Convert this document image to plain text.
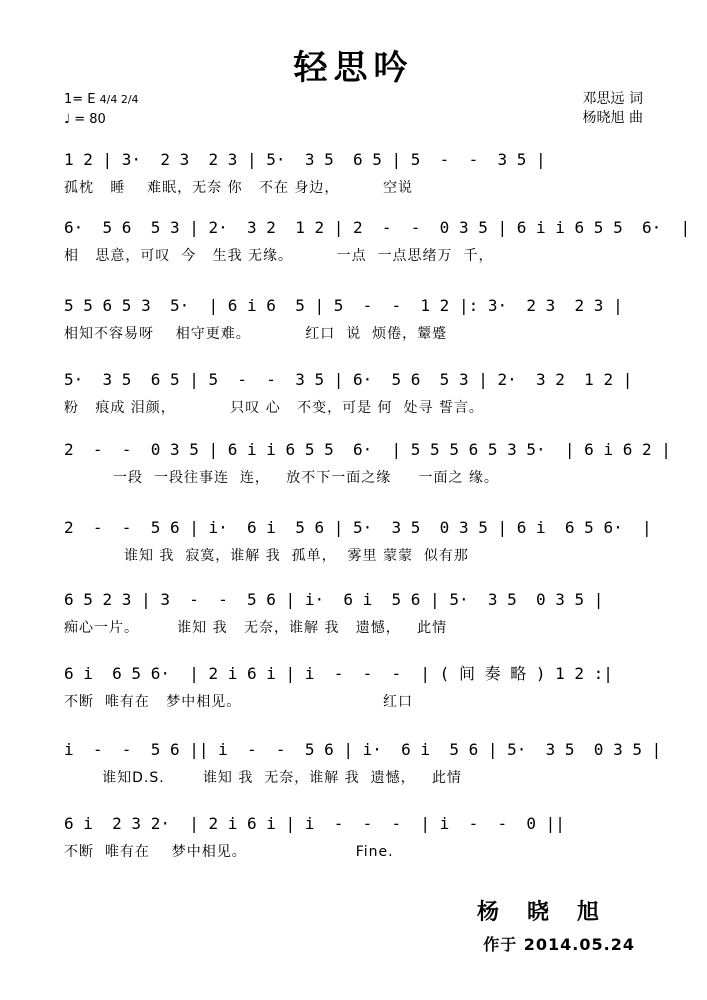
轻思吟
1= E 4/4 2/4
♩ = 80
邓思远 词
杨晓旭 曲
1 2 | 3·  2 3  2 3 | 5·  3 5  6 5 | 5  -  -  3 5 |
孤枕   睡    难眠，无奈 你   不在 身边，        空说
6·  5 6  5 3 | 2·  3 2  1 2 | 2  -  -  0 3 5 | 6 i i 6 5 5  6·  |
相   思意，可叹  今   生我 无缘。        一点  一点思绪万  千，
5 5 6 5 3  5·  | 6 i 6  5 | 5  -  -  1 2 |: 3·  2 3  2 3 |
相知不容易呀    相守更难。          红口  说  烦倦，颦蹙
5·  3 5  6 5 | 5  -  -  3 5 | 6·  5 6  5 3 | 2·  3 2  1 2 |
粉   痕成 泪颜，          只叹 心   不变，可是 何  处寻 誓言。
2  -  -  0 3 5 | 6 i i 6 5 5  6·  | 5 5 5 6 5 3 5·  | 6 i 6 2 |
一段  一段往事连  连，   放不下一面之缘     一面之 缘。
2  -  -  5 6 | i·  6 i  5 6 | 5·  3 5  0 3 5 | 6 i  6 5 6·  |
谁知 我  寂寞，谁解 我  孤单，  雾里 蒙蒙  似有那
6 5 2 3 | 3  -  -  5 6 | i·  6 i  5 6 | 5·  3 5  0 3 5 |
痴心一片。       谁知 我   无奈，谁解 我   遗憾，   此情
6 i  6 5 6·  | 2 i 6 i | i  -  -  -  | ( 间 奏 略 ) 1 2 :|
不断  唯有在   梦中相见。                          红口
i  -  -  5 6 || i  -  -  5 6 | i·  6 i  5 6 | 5·  3 5  0 3 5 |
谁知D.S.       谁知 我  无奈，谁解 我  遗憾，   此情
6 i  2 3 2·  | 2 i 6 i | i  -  -  -  | i  -  -  0 ||
不断  唯有在    梦中相见。                    Fine.
杨晓旭
作于 2014.05.24
